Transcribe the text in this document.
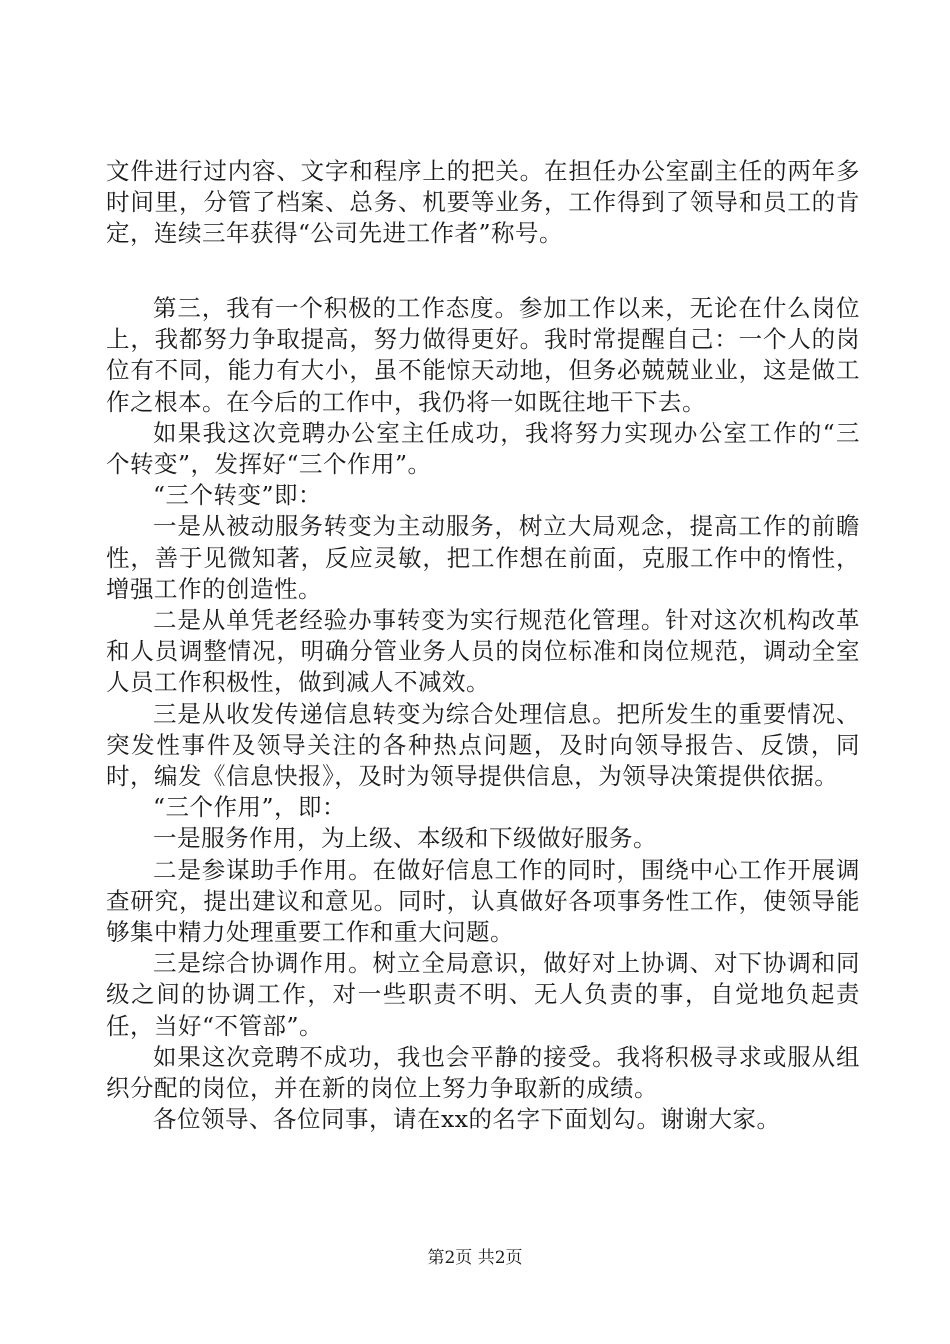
文件进行过内容、文字和程序上的把关。在担任办公室副主任的两年多时间里，分管了档案、总务、机要等业务，工作得到了领导和员工的肯定，连续三年获得“公司先进工作者”称号。

第三，我有一个积极的工作态度。参加工作以来，无论在什么岗位上，我都努力争取提高，努力做得更好。我时常提醒自己：一个人的岗位有不同，能力有大小，虽不能惊天动地，但务必兢兢业业，这是做工作之根本。在今后的工作中，我仍将一如既往地干下去。

如果我这次竞聘办公室主任成功，我将努力实现办公室工作的“三个转变”，发挥好“三个作用”。

“三个转变”即：

一是从被动服务转变为主动服务，树立大局观念，提高工作的前瞻性，善于见微知著，反应灵敏，把工作想在前面，克服工作中的惰性，增强工作的创造性。

二是从单凭老经验办事转变为实行规范化管理。针对这次机构改革和人员调整情况，明确分管业务人员的岗位标准和岗位规范，调动全室人员工作积极性，做到减人不减效。

三是从收发传递信息转变为综合处理信息。把所发生的重要情况、突发性事件及领导关注的各种热点问题，及时向领导报告、反馈，同时，编发《信息快报》，及时为领导提供信息，为领导决策提供依据。

“三个作用”，即：

一是服务作用，为上级、本级和下级做好服务。

二是参谋助手作用。在做好信息工作的同时，围绕中心工作开展调查研究，提出建议和意见。同时，认真做好各项事务性工作，使领导能够集中精力处理重要工作和重大问题。

三是综合协调作用。树立全局意识，做好对上协调、对下协调和同级之间的协调工作，对一些职责不明、无人负责的事，自觉地负起责任，当好“不管部”。

如果这次竞聘不成功，我也会平静的接受。我将积极寻求或服从组织分配的岗位，并在新的岗位上努力争取新的成绩。

各位领导、各位同事，请在xx的名字下面划勾。谢谢大家。

第2页 共2页
